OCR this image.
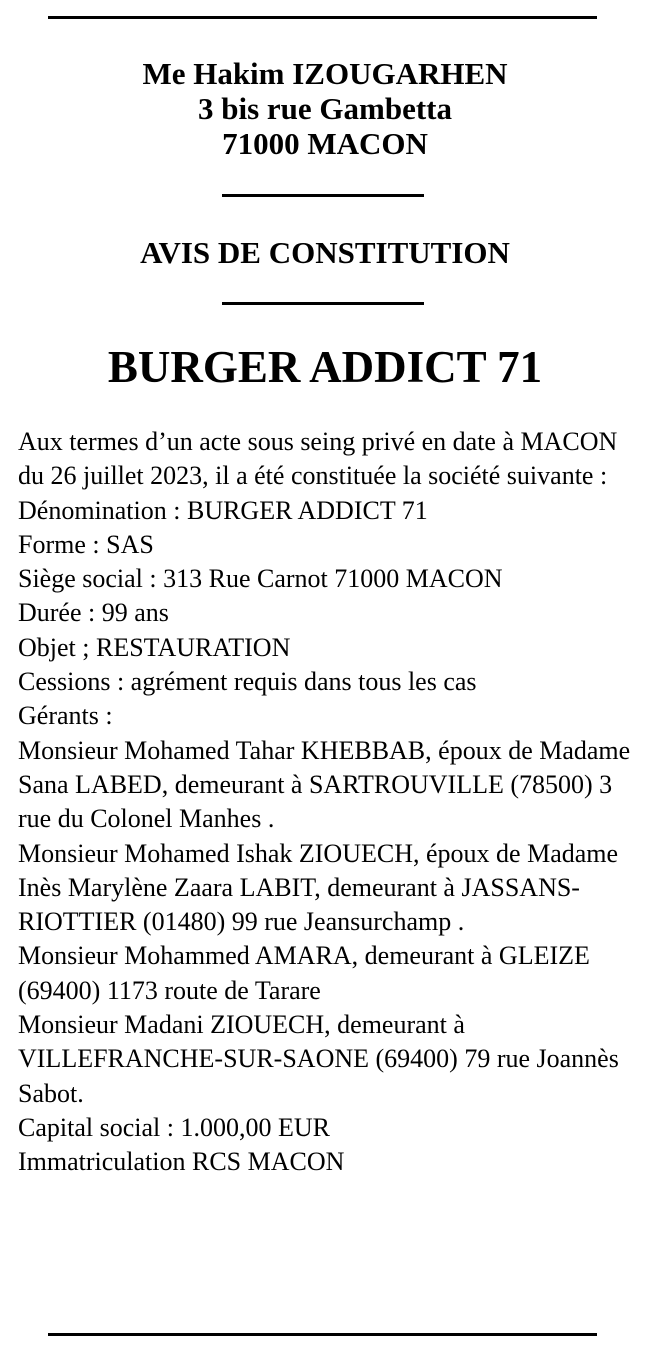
Me Hakim IZOUGARHEN
3 bis rue Gambetta
71000 MACON
AVIS DE CONSTITUTION
BURGER ADDICT 71

Aux termes d’un acte sous seing privé en date à MACON du 26 juillet 2023, il a été constituée la société suivante :

Dénomination : BURGER ADDICT 71

Forme : SAS

Siège social : 313 Rue Carnot 71000 MACON

Durée : 99 ans

Objet ; RESTAURATION

Cessions : agrément requis dans tous les cas

Gérants :

Monsieur Mohamed Tahar KHEBBAB, époux de Madame Sana LABED, demeurant à SARTROUVILLE (78500) 3 rue du Colonel Manhes .

Monsieur Mohamed Ishak ZIOUECH, époux de Madame Inès Marylène Zaara LABIT, demeurant à JASSANS-RIOTTIER (01480) 99 rue Jeansurchamp .

Monsieur Mohammed AMARA, demeurant à GLEIZE (69400) 1173 route de Tarare

Monsieur Madani ZIOUECH, demeurant à VILLEFRANCHE-SUR-SAONE (69400) 79 rue Joannès Sabot.

Capital social : 1.000,00 EUR

Immatriculation RCS MACON
